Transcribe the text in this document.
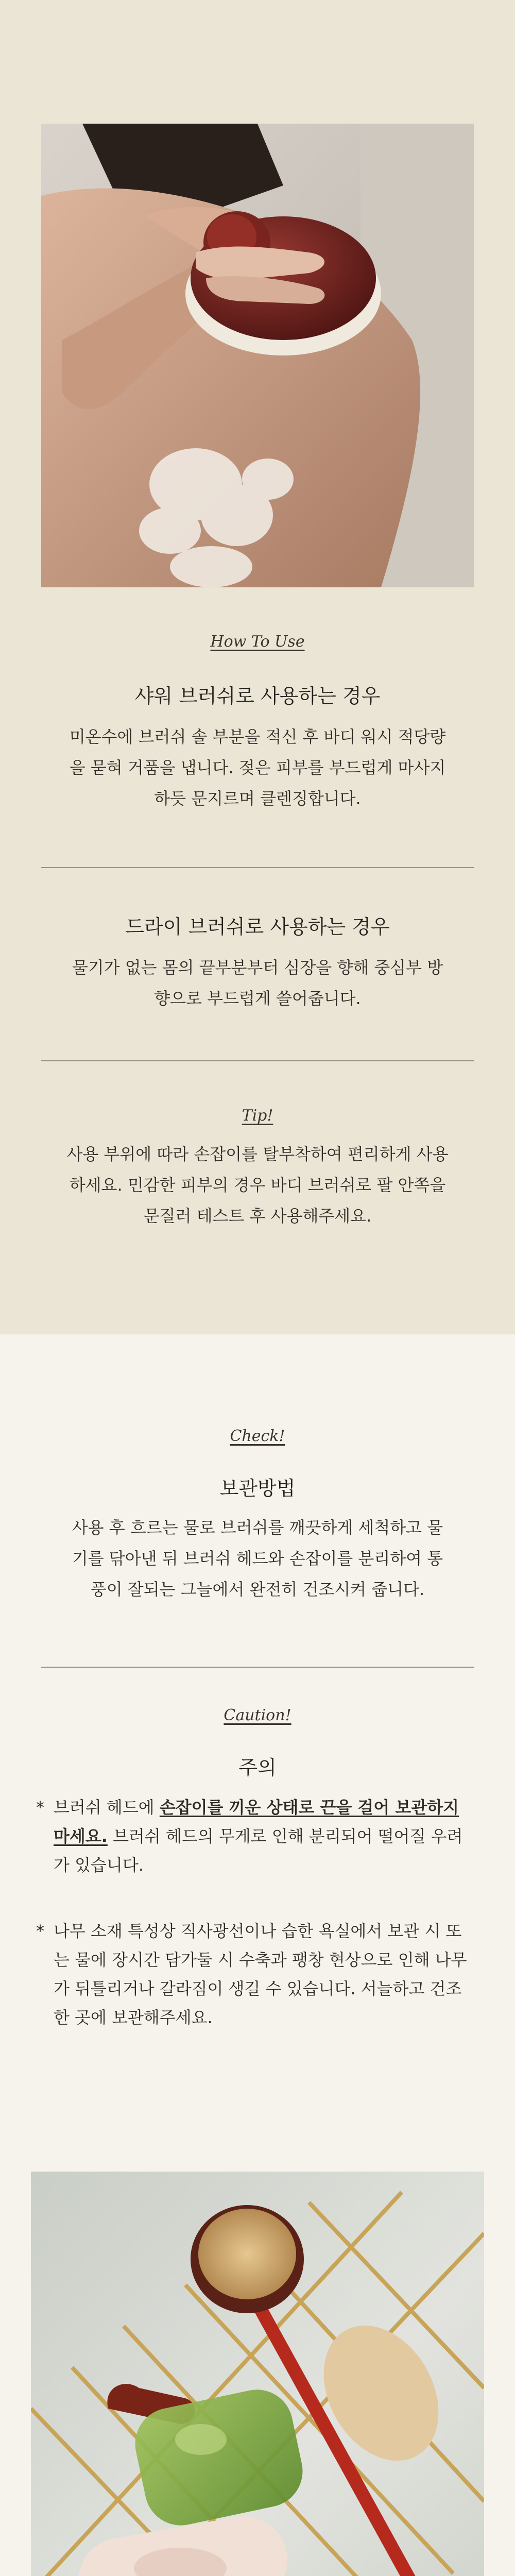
How To Use
샤워 브러쉬로 사용하는 경우
미온수에 브러쉬 솔 부분을 적신 후 바디 워시 적당량
을 묻혀 거품을 냅니다. 젖은 피부를 부드럽게 마사지
하듯 문지르며 클렌징합니다.
드라이 브러쉬로 사용하는 경우
물기가 없는 몸의 끝부분부터 심장을 향해 중심부 방
향으로 부드럽게 쓸어줍니다.
Tip!
사용 부위에 따라 손잡이를 탈부착하여 편리하게 사용
하세요. 민감한 피부의 경우 바디 브러쉬로 팔 안쪽을
문질러 테스트 후 사용해주세요.
Check!
보관방법
사용 후 흐르는 물로 브러쉬를 깨끗하게 세척하고 물
기를 닦아낸 뒤 브러쉬 헤드와 손잡이를 분리하여 통
풍이 잘되는 그늘에서 완전히 건조시켜 줍니다.
Caution!
주의
* 브러쉬 헤드에 손잡이를 끼운 상태로 끈을 걸어 보관하지 마세요. 브러쉬 헤드의 무게로 인해 분리되어 떨어질 우려가 있습니다.
* 나무 소재 특성상 직사광선이나 습한 욕실에서 보관 시 또는 물에 장시간 담가둘 시 수축과 팽창 현상으로 인해 나무가 뒤틀리거나 갈라짐이 생길 수 있습니다. 서늘하고 건조한 곳에 보관해주세요.
